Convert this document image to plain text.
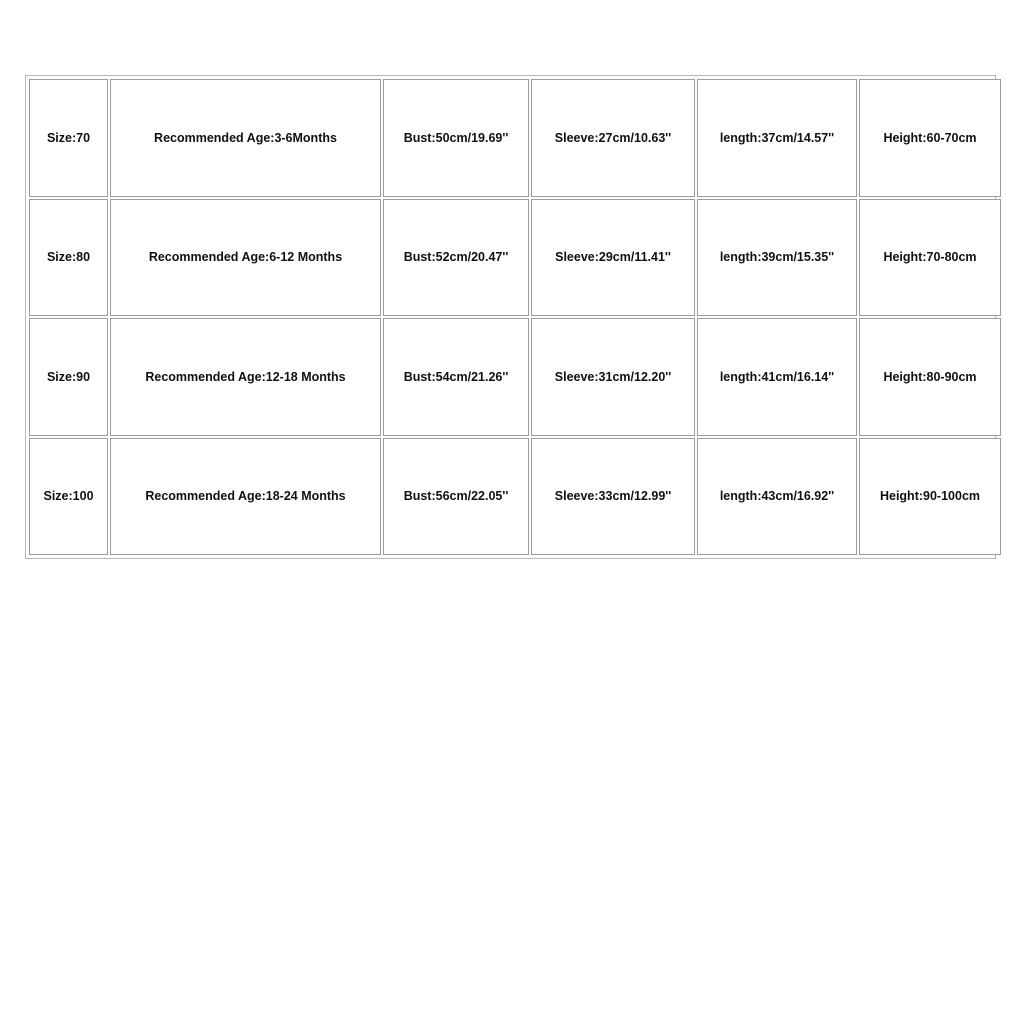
Size:70	Recommended Age:3-6Months	Bust:50cm/19.69''	Sleeve:27cm/10.63''	length:37cm/14.57''	Height:60-70cm
Size:80	Recommended Age:6-12 Months	Bust:52cm/20.47''	Sleeve:29cm/11.41''	length:39cm/15.35''	Height:70-80cm
Size:90	Recommended Age:12-18 Months	Bust:54cm/21.26''	Sleeve:31cm/12.20''	length:41cm/16.14''	Height:80-90cm
Size:100	Recommended Age:18-24 Months	Bust:56cm/22.05''	Sleeve:33cm/12.99''	length:43cm/16.92''	Height:90-100cm
